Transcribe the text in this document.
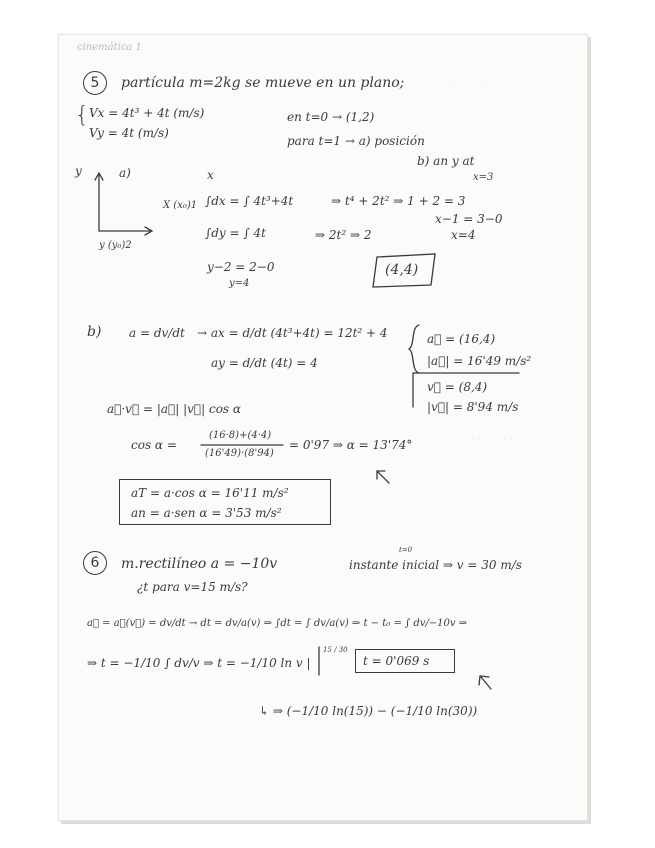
· · · · · · · · · · · · · ·
· · · · · · · · · · ·
cinemática 1
5	partícula m=2kg se mueve en un plano;
{ Vx = 4t³ + 4t (m/s)
Vy = 4t (m/s)
en t=0 → (1,2)
para t=1 → a) posición
b) an y at
y	a)	x
X (x₀)1 ∫dx = ∫ 4t³+4t	⇒ t⁴ + 2t² ⇒ 1 + 2 = 3
x=3
x−1 = 3−0
x=4
y (y₀)2
∫dy = ∫ 4t	⇒ 2t² ⇒ 2
y−2 = 2−0
y=4
(4,4)
b) a = dv/dt → ax = d/dt (4t³+4t) = 12t² + 4
ay = d/dt (4t) = 4
a⃗ = (16,4)
|a⃗| = 16'49 m/s²
v⃗ = (8,4)
|v⃗| = 8'94 m/s
a⃗·v⃗ = |a⃗| |v⃗| cos α
cos α =
(16·8)+(4·4)
(16'49)·(8'94)
= 0'97 ⇒ α = 13'74°
aT = a·cos α = 16'11 m/s²
an = a·sen α = 3'53 m/s²
6	m.rectilíneo a = −10v
t=0
instante inicial ⇒ v = 30 m/s
¿t para v=15 m/s?
a⃗ = a⃗(v⃗) = dv/dt → dt = dv/a(v) ⇒ ∫dt = ∫ dv/a(v) ⇒ t − t₀ = ∫ dv/−10v ⇒
⇒ t = −1/10 ∫ dv/v ⇒ t = −1/10 ln v |
15 / 30
t = 0'069 s
↳ ⇒ (−1/10 ln(15)) − (−1/10 ln(30))
